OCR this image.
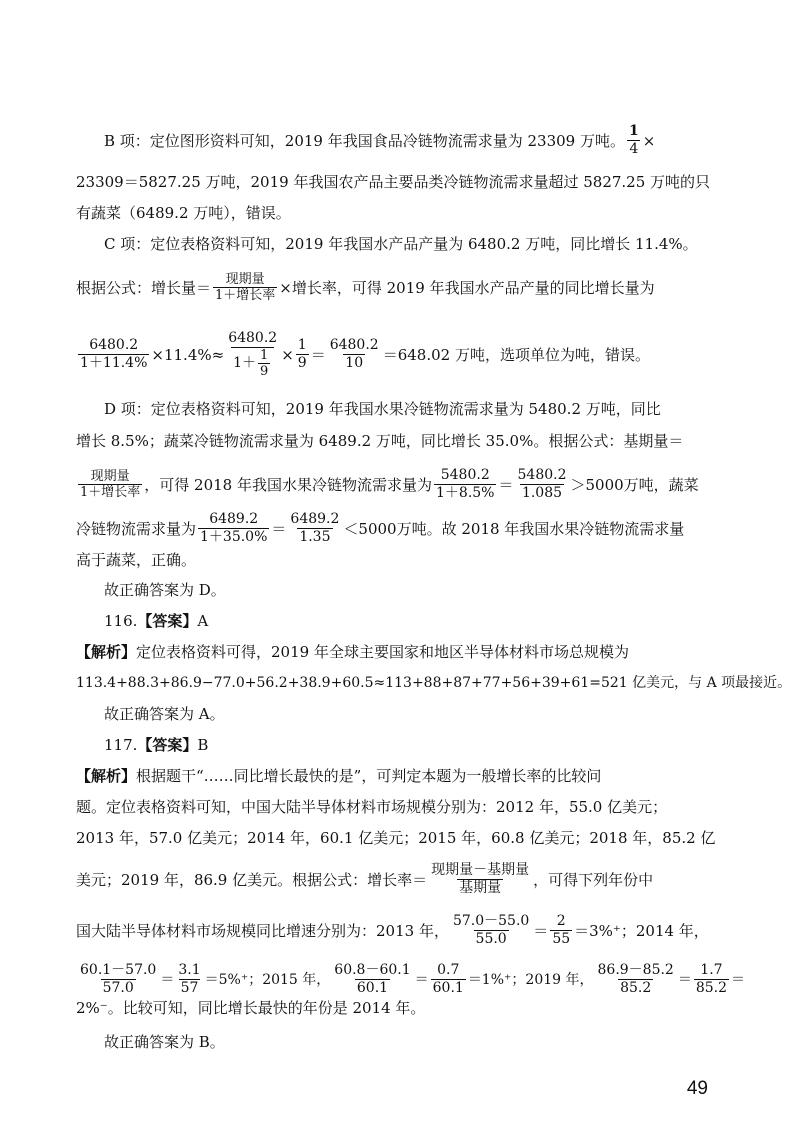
B 项：定位图形资料可知，2019 年我国食品冷链物流需求量为 23309 万吨。 $\frac{1}{4}$ ×
23309＝5827.25 万吨，2019 年我国农产品主要品类冷链物流需求量超过 5827.25 万吨的只
有蔬菜（6489.2 万吨），错误。
C 项：定位表格资料可知，2019 年我国水产品产量为 6480.2 万吨，同比增长 11.4%。
根据公式：增长量＝ $\frac{\text{现期量}}{\text{1＋增长率}}$ ×增长率，可得 2019 年我国水产品产量的同比增长量为
$\frac{6480.2}{1+11.4\%} \times 11.4\%\approx \frac{6480.2}{1+ \frac{1}{9}} \times \frac{1}{9} = \frac{6480.2}{10} =648.02$ 万吨，选项单位为吨，错误。
D 项：定位表格资料可知，2019 年我国水果冷链物流需求量为 5480.2 万吨，同比
增长 8.5%；蔬菜冷链物流需求量为 6489.2 万吨，同比增长 35.0%。根据公式：基期量＝
$\frac{\text{现期量}}{\text{1＋增长率}}$ ，可得 2018 年我国水果冷链物流需求量为 $\frac{5480.2}{1+8.5\%} = \frac{5480.2}{1.085} >5000$万吨，蔬菜
冷链物流需求量为 $\frac{6489.2}{1+35.0\%} = \frac{6489.2}{1.35} <5000$万吨。故 2018 年我国水果冷链物流需求量
高于蔬菜，正确。
故正确答案为 D。
116. 【答案】 A
【解析】 定位表格资料可得，2019 年全球主要国家和地区半导体材料市场总规模为
113.4+88.3+86.9−77.0+56.2+38.9+60.5≈113+88+87+77+56+39+61=521 亿美元，与 A 项最接近。
故正确答案为 A。
117. 【答案】 B
【解析】 根据题干“……同比增长最快的是”，可判定本题为一般增长率的比较问
题。定位表格资料可知，中国大陆半导体材料市场规模分别为：2012 年，55.0 亿美元；
2013 年，57.0 亿美元；2014 年，60.1 亿美元；2015 年，60.8 亿美元；2018 年，85.2 亿
美元；2019 年，86.9 亿美元。根据公式：增长率＝ $\frac{\text{现期量－基期量}}{\text{基期量}}$ ，可得下列年份中
国大陆半导体材料市场规模同比增速分别为：2013 年， $\frac{57.0-55.0}{55.0} = \frac{2}{55} =3\%^+$；2014 年，
$\frac{60.1-57.0}{57.0} = \frac{3.1}{57} =5\%^+$；2015 年， $\frac{60.8-60.1}{60.1} = \frac{0.7}{60.1} =1\%^+$；2019 年， $\frac{86.9-85.2}{85.2} = \frac{1.7}{85.2}$ ＝
2%⁻。比较可知，同比增长最快的年份是 2014 年。
故正确答案为 B。
49
